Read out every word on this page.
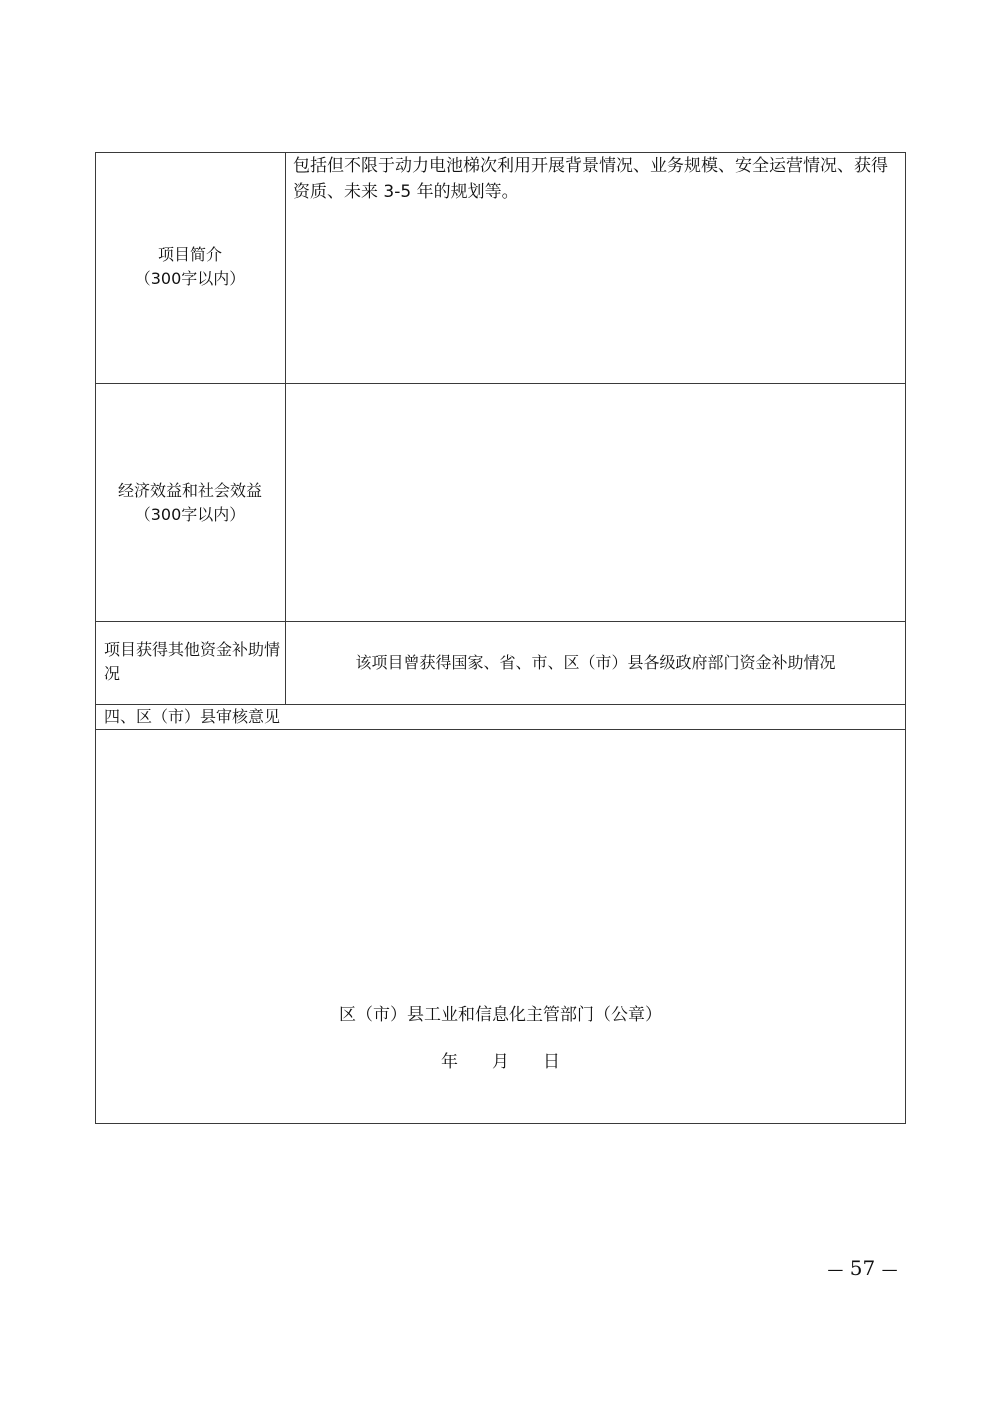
项目简介
（300字以内）
包括但不限于动力电池梯次利用开展背景情况、业务规模、安全运营情况、获得资质、未来 3-5 年的规划等。
经济效益和社会效益
（300字以内）
项目获得其他资金补助情况
该项目曾获得国家、省、市、区（市）县各级政府部门资金补助情况
四、区（市）县审核意见
区（市）县工业和信息化主管部门（公章）
年 月 日
— 57 —
